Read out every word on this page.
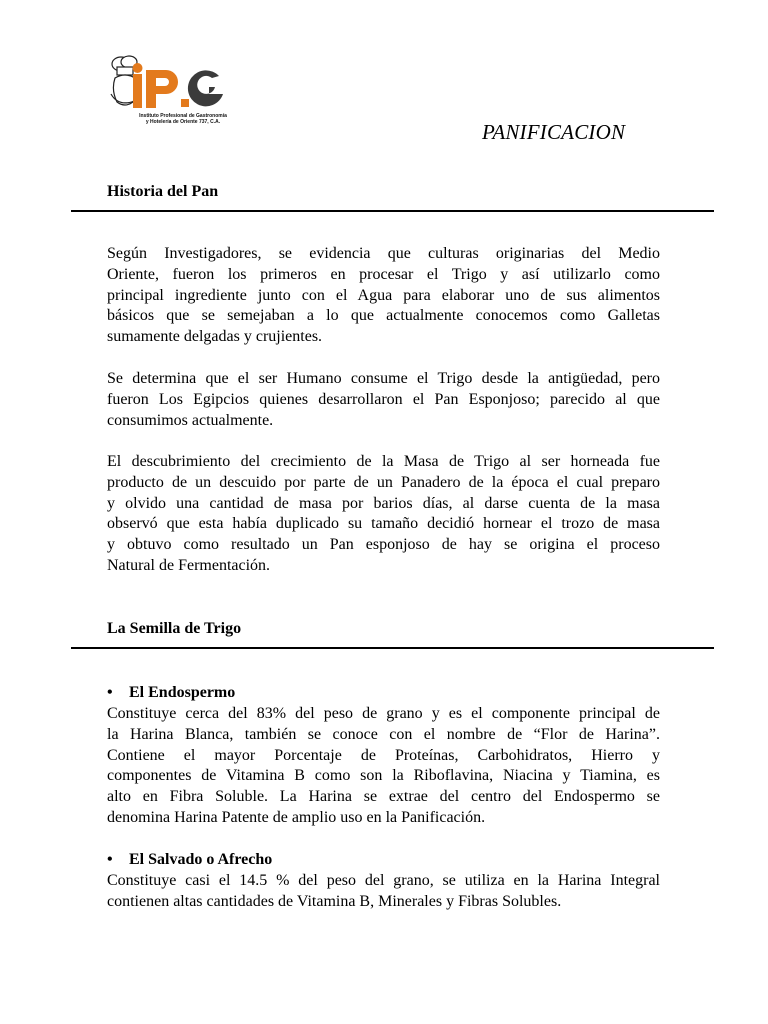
Instituto Profesional de Gastronomía
y Hotelería de Oriente 737, C.A.	PANIFICACION
Historia del Pan

Según Investigadores, se evidencia que culturas originarias del Medio
Oriente, fueron los primeros en procesar el Trigo y así utilizarlo como
principal ingrediente junto con el Agua para elaborar uno de sus alimentos
básicos que se semejaban a lo que actualmente conocemos como Galletas
sumamente delgadas y crujientes.

Se determina que el ser Humano consume el Trigo desde la antigüedad, pero
fueron Los Egipcios quienes desarrollaron el Pan Esponjoso; parecido al que
consumimos actualmente.

El descubrimiento del crecimiento de la Masa de Trigo al ser horneada fue
producto de un descuido por parte de un Panadero de la época el cual preparo
y olvido una cantidad de masa por barios días, al darse cuenta de la masa
observó que esta había duplicado su tamaño decidió hornear el trozo de masa
y obtuvo como resultado un Pan esponjoso de hay se origina el proceso
Natural de Fermentación.

La Semilla de Trigo
• El Endospermo

Constituye cerca del 83% del peso de grano y es el componente principal de
la Harina Blanca, también se conoce con el nombre de “Flor de Harina”.
Contiene el mayor Porcentaje de Proteínas, Carbohidratos, Hierro y
componentes de Vitamina B como son la Riboflavina, Niacina y Tiamina, es
alto en Fibra Soluble. La Harina se extrae del centro del Endospermo se
denomina Harina Patente de amplio uso en la Panificación.

• El Salvado o Afrecho

Constituye casi el 14.5 % del peso del grano, se utiliza en la Harina Integral
contienen altas cantidades de Vitamina B, Minerales y Fibras Solubles.
